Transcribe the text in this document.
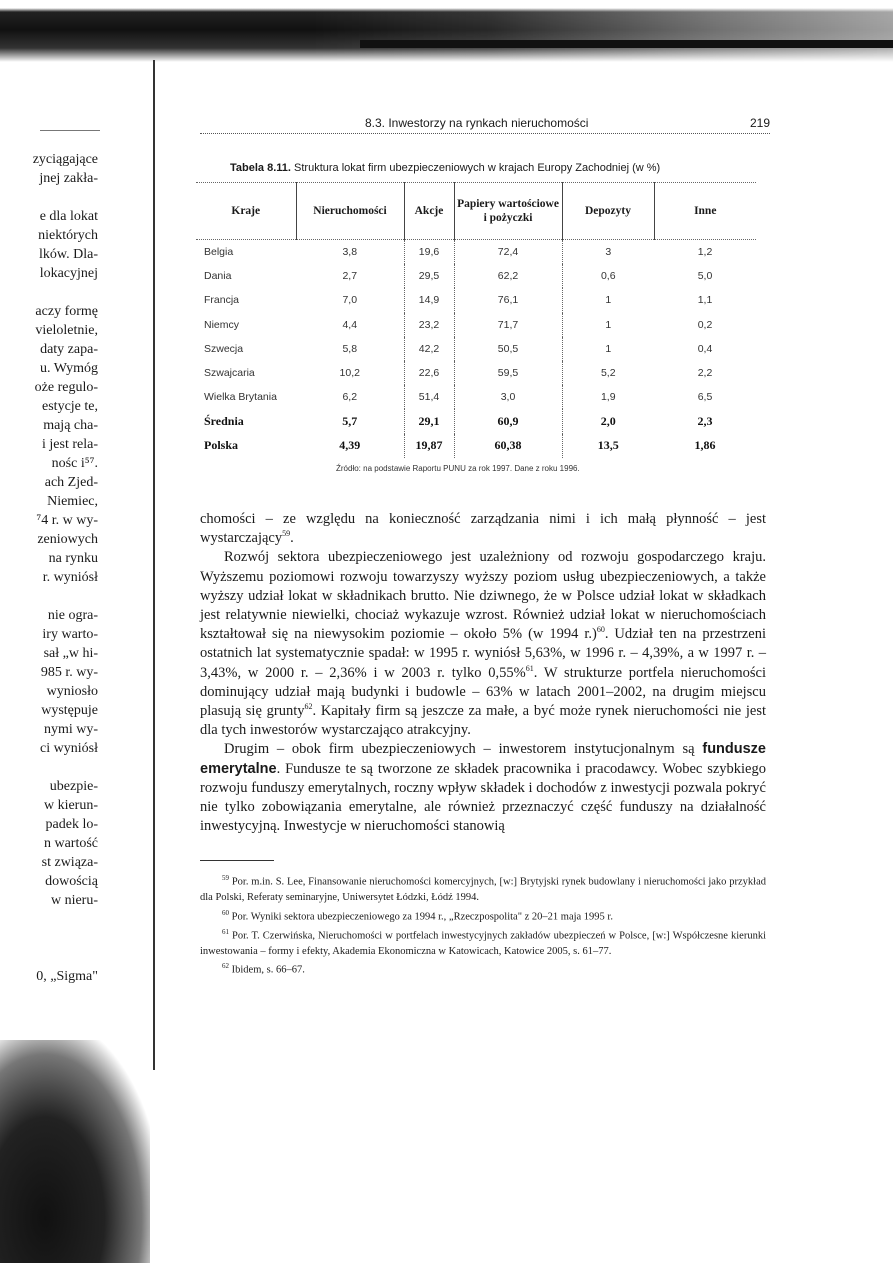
zyciągające
jnej zakła-

e dla lokat
niektórych
lków. Dla-
lokacyjnej

aczy formę
vieloletnie,
daty zapa-
u. Wymóg
oże regulo-
estycje te,
mają cha-
i jest rela-
nośc i⁵⁷.
ach Zjed-
Niemiec,
⁷4 r. w wy-
zeniowych
na rynku
r. wyniósł

nie ogra-
iry warto-
sał „w hi-
985 r. wy-
wyniosło
występuje
nymi wy-
ci wyniósł

ubezpie-
w kierun-
padek lo-
n wartość
st związa-
dowością
w nieru-

0, „Sigma"
8.3. Inwestorzy na rynkach nieruchomości	219
Tabela 8.11. Struktura lokat firm ubezpieczeniowych w krajach Europy Zachodniej (w %)
Kraje	Nieruchomości	Akcje	Papiery wartościowe i pożyczki	Depozyty	Inne
Belgia	3,8	19,6	72,4	3	1,2
Dania	2,7	29,5	62,2	0,6	5,0
Francja	7,0	14,9	76,1	1	1,1
Niemcy	4,4	23,2	71,7	1	0,2
Szwecja	5,8	42,2	50,5	1	0,4
Szwajcaria	10,2	22,6	59,5	5,2	2,2
Wielka Brytania	6,2	51,4	3,0	1,9	6,5
Średnia	5,7	29,1	60,9	2,0	2,3
Polska	4,39	19,87	60,38	13,5	1,86
Źródło: na podstawie Raportu PUNU za rok 1997. Dane z roku 1996.

chomości – ze względu na konieczność zarządzania nimi i ich małą płynność – jest wystarczający$^{59}$.

Rozwój sektora ubezpieczeniowego jest uzależniony od rozwoju gospodarczego kraju. Wyższemu poziomowi rozwoju towarzyszy wyższy poziom usług ubezpieczeniowych, a także wyższy udział lokat w składnikach brutto. Nie dziwnego, że w Polsce udział lokat w składkach jest relatywnie niewielki, chociaż wykazuje wzrost. Również udział lokat w nieruchomościach kształtował się na niewysokim poziomie – około 5% (w 1994 r.)$^{60}$. Udział ten na przestrzeni ostatnich lat systematycznie spadał: w 1995 r. wyniósł 5,63%, w 1996 r. – 4,39%, a w 1997 r. – 3,43%, w 2000 r. – 2,36% i w 2003 r. tylko 0,55%$^{61}$. W strukturze portfela nieruchomości dominujący udział mają budynki i budowle – 63% w latach 2001–2002, na drugim miejscu plasują się grunty$^{62}$. Kapitały firm są jeszcze za małe, a być może rynek nieruchomości nie jest dla tych inwestorów wystarczająco atrakcyjny.

Drugim – obok firm ubezpieczeniowych – inwestorem instytucjonalnym są fundusze emerytalne. Fundusze te są tworzone ze składek pracownika i pracodawcy. Wobec szybkiego rozwoju funduszy emerytalnych, roczny wpływ składek i dochodów z inwestycji pozwala pokryć nie tylko zobowiązania emerytalne, ale również przeznaczyć część funduszy na działalność inwestycyjną. Inwestycje w nieruchomości stanowią

$^{59}$ Por. m.in. S. Lee, Finansowanie nieruchomości komercyjnych, [w:] Brytyjski rynek budowlany i nieruchomości jako przykład dla Polski, Referaty seminaryjne, Uniwersytet Łódzki, Łódź 1994.

$^{60}$ Por. Wyniki sektora ubezpieczeniowego za 1994 r., „Rzeczpospolita" z 20–21 maja 1995 r.

$^{61}$ Por. T. Czerwińska, Nieruchomości w portfelach inwestycyjnych zakładów ubezpieczeń w Polsce, [w:] Współczesne kierunki inwestowania – formy i efekty, Akademia Ekonomiczna w Katowicach, Katowice 2005, s. 61–77.

$^{62}$ Ibidem, s. 66–67.
